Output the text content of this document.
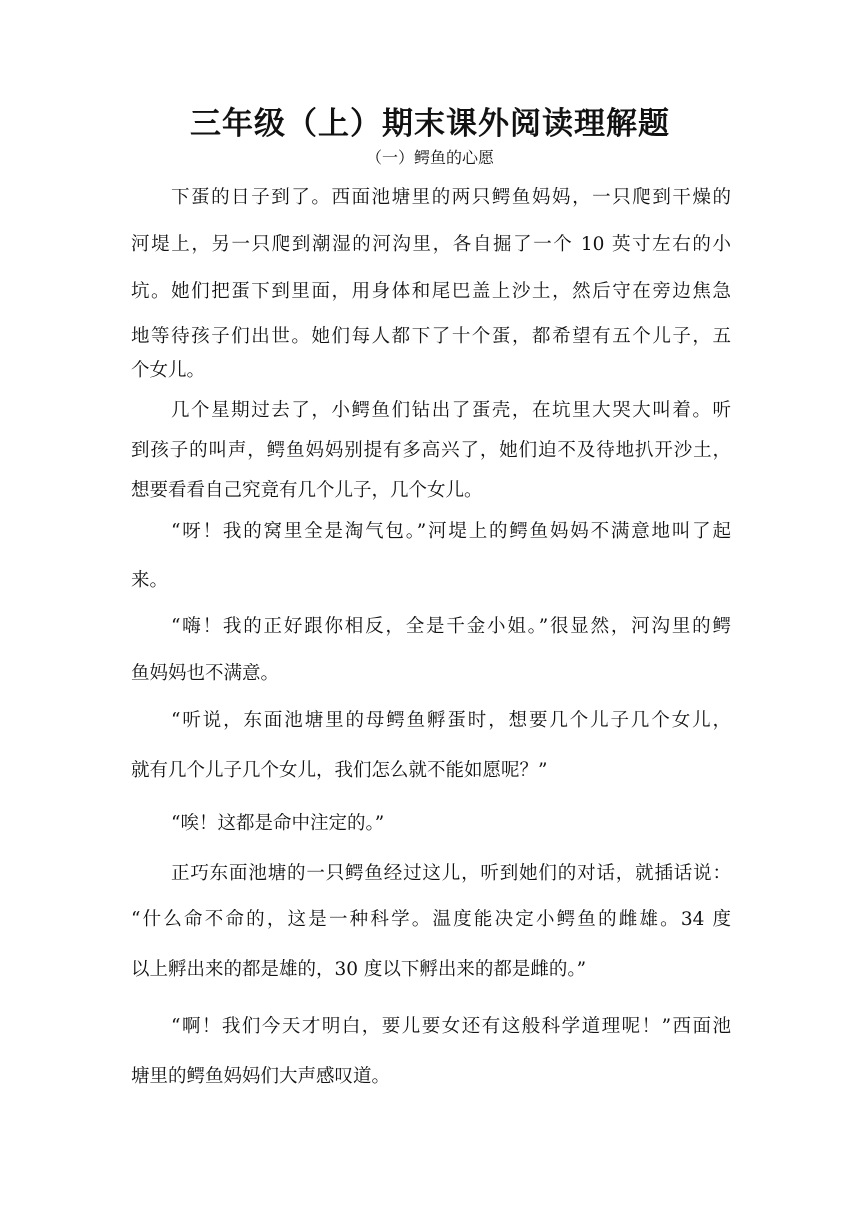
三年级（上）期末课外阅读理解题
（一）鳄鱼的心愿
下蛋的日子到了。西面池塘里的两只鳄鱼妈妈，一只爬到干燥的
河堤上，另一只爬到潮湿的河沟里，各自掘了一个 10 英寸左右的小
坑。她们把蛋下到里面，用身体和尾巴盖上沙土，然后守在旁边焦急
地等待孩子们出世。她们每人都下了十个蛋，都希望有五个儿子，五
个女儿。
几个星期过去了，小鳄鱼们钻出了蛋壳，在坑里大哭大叫着。听
到孩子的叫声，鳄鱼妈妈别提有多高兴了，她们迫不及待地扒开沙土，
想要看看自己究竟有几个儿子，几个女儿。
“呀！我的窝里全是淘气包。”河堤上的鳄鱼妈妈不满意地叫了起
来。
“嗨！我的正好跟你相反，全是千金小姐。”很显然，河沟里的鳄
鱼妈妈也不满意。
“听说，东面池塘里的母鳄鱼孵蛋时，想要几个儿子几个女儿，
就有几个儿子几个女儿，我们怎么就不能如愿呢？”
“唉！这都是命中注定的。”
正巧东面池塘的一只鳄鱼经过这儿，听到她们的对话，就插话说：
“什么命不命的，这是一种科学。温度能决定小鳄鱼的雌雄。34 度
以上孵出来的都是雄的，30 度以下孵出来的都是雌的。”
“啊！我们今天才明白，要儿要女还有这般科学道理呢！”西面池
塘里的鳄鱼妈妈们大声感叹道。
